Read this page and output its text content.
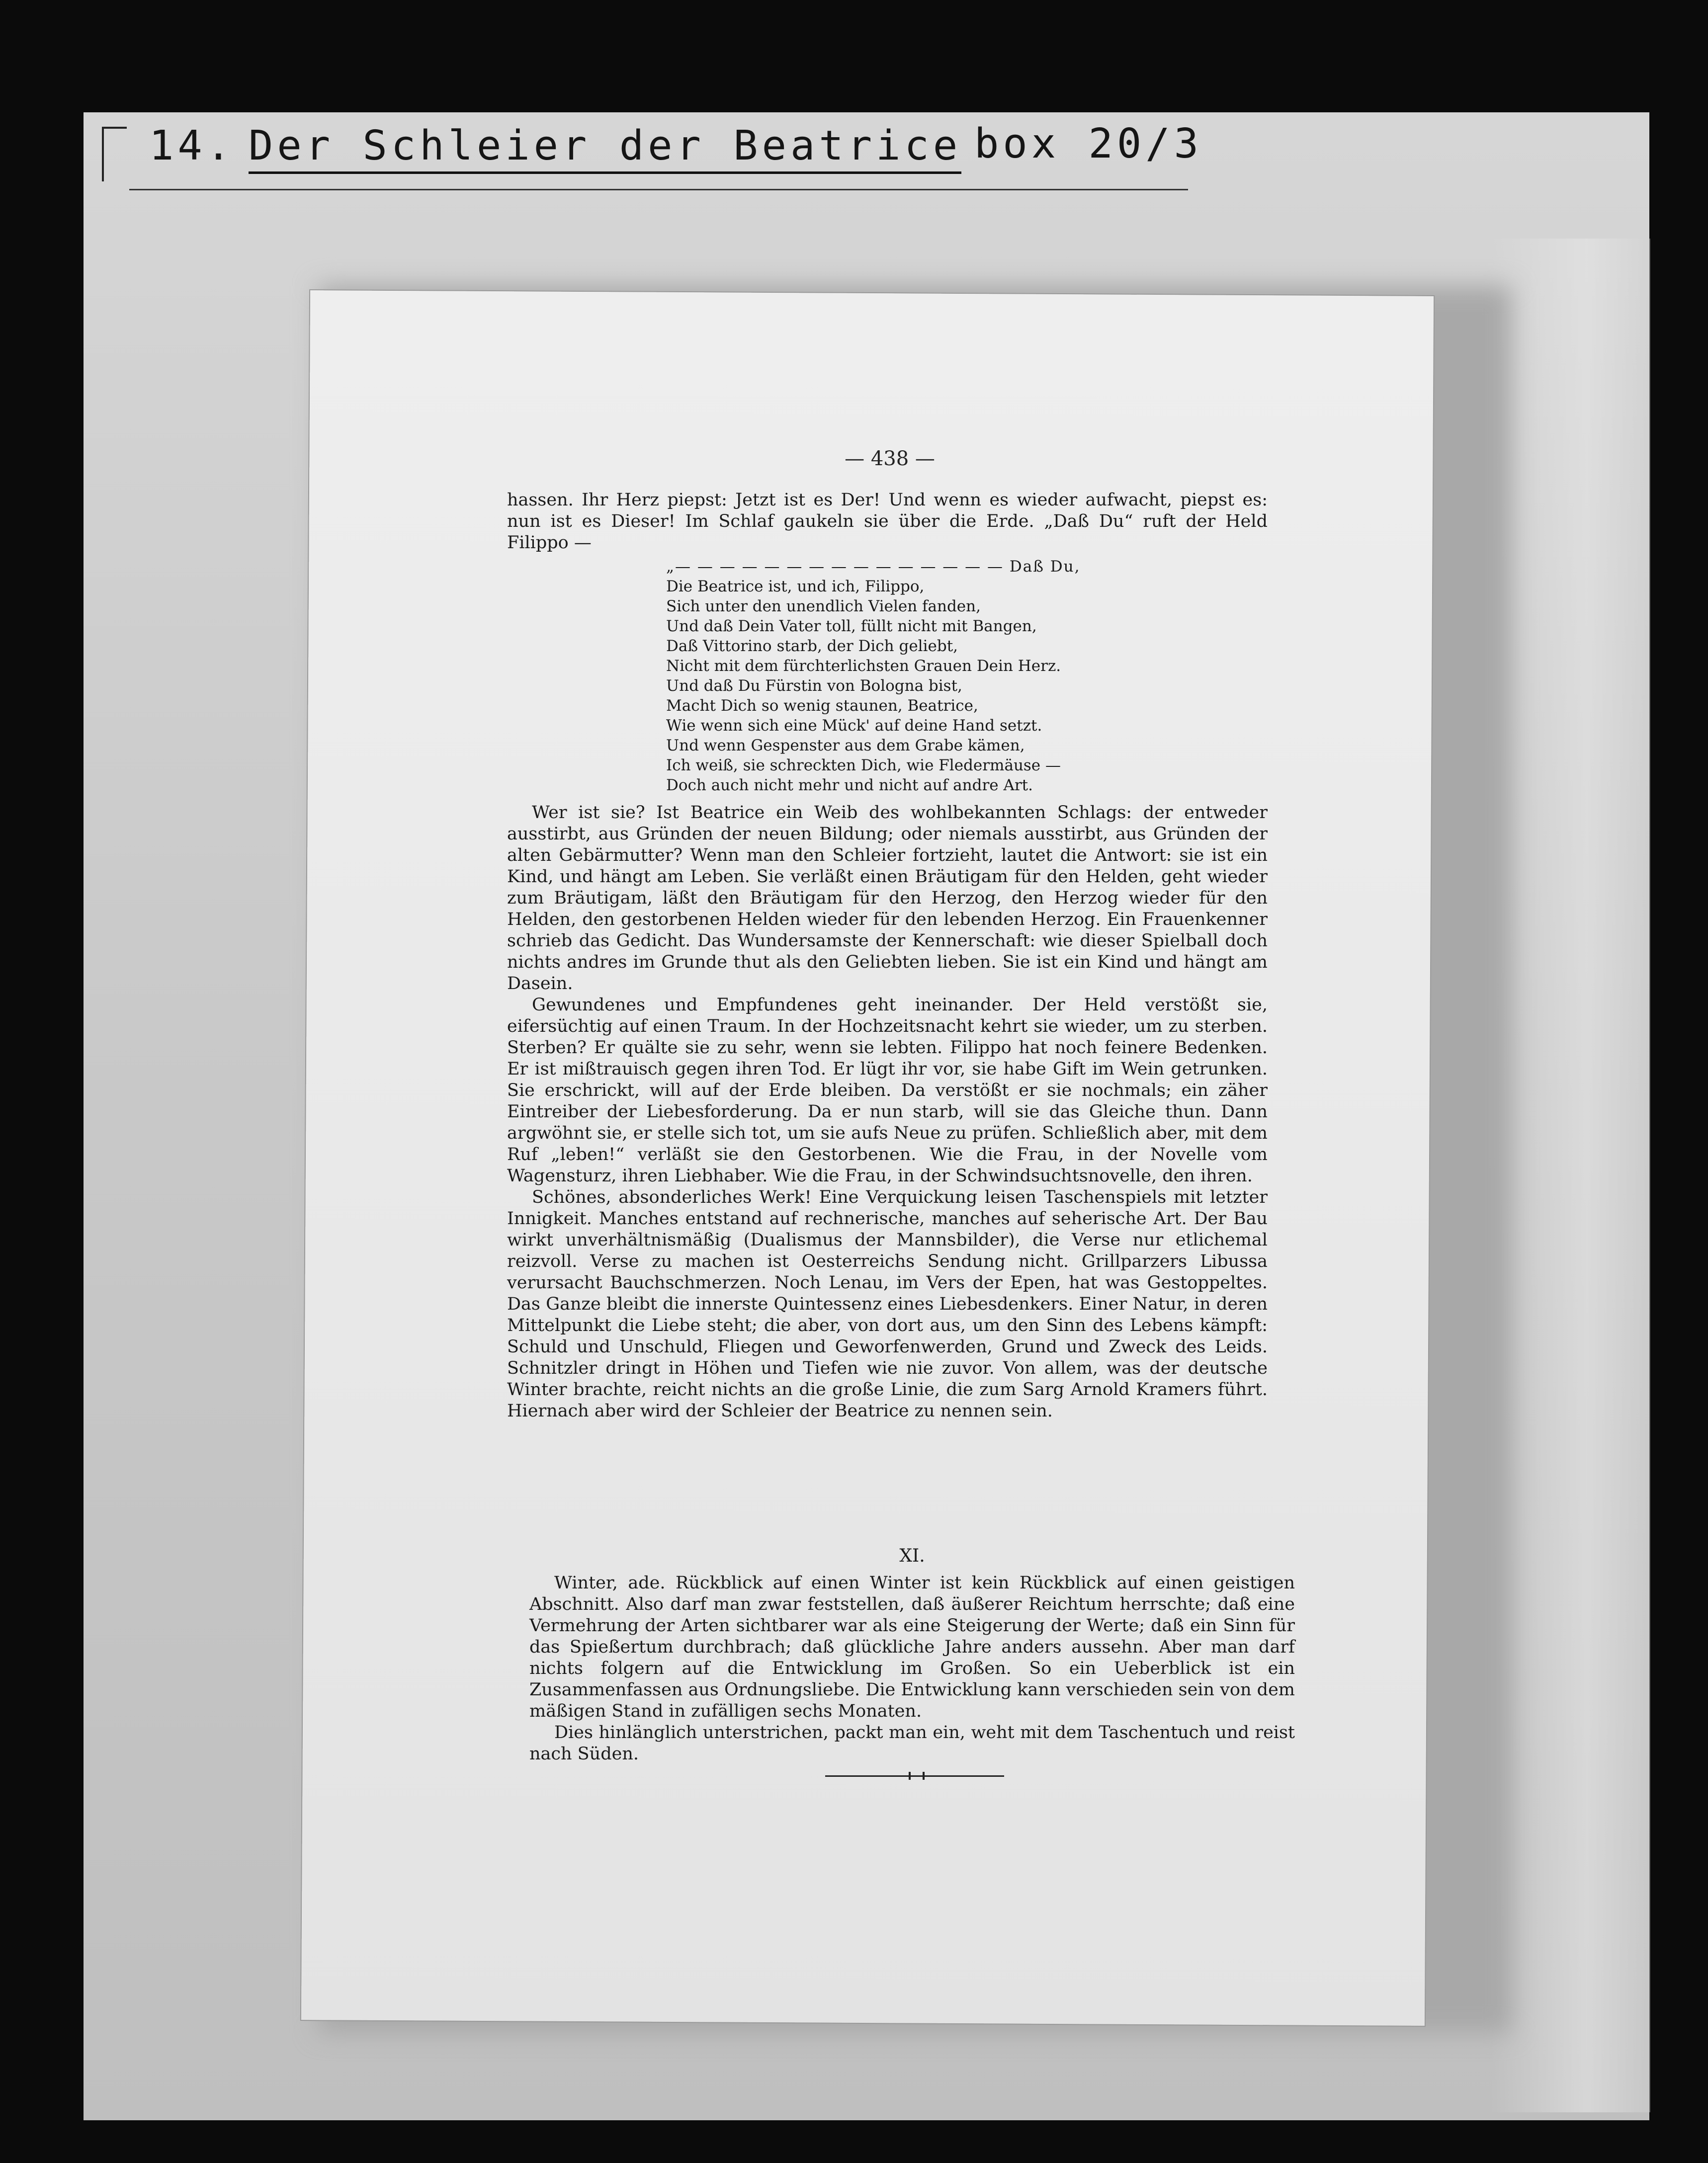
14. Der Schleier der Beatrice box 20/3
— 438 —

hassen. Ihr Herz piepst: Jetzt ist es Der! Und wenn es wieder aufwacht, piepst es: nun ist es Dieser! Im Schlaf gaukeln sie über die Erde. „Daß Du“ ruft der Held Filippo —

„— — — — — — — — — — — — — — — Daß Du,
Die Beatrice ist, und ich, Filippo,
Sich unter den unendlich Vielen fanden,
Und daß Dein Vater toll, füllt nicht mit Bangen,
Daß Vittorino starb, der Dich geliebt,
Nicht mit dem fürchterlichsten Grauen Dein Herz.
Und daß Du Fürstin von Bologna bist,
Macht Dich so wenig staunen, Beatrice,
Wie wenn sich eine Mück' auf deine Hand setzt.
Und wenn Gespenster aus dem Grabe kämen,
Ich weiß, sie schreckten Dich, wie Fledermäuse —
Doch auch nicht mehr und nicht auf andre Art.

Wer ist sie? Ist Beatrice ein Weib des wohlbekannten Schlags: der entweder ausstirbt, aus Gründen der neuen Bildung; oder niemals ausstirbt, aus Gründen der alten Gebärmutter? Wenn man den Schleier fortzieht, lautet die Antwort: sie ist ein Kind, und hängt am Leben. Sie verläßt einen Bräutigam für den Helden, geht wieder zum Bräutigam, läßt den Bräutigam für den Herzog, den Herzog wieder für den Helden, den gestorbenen Helden wieder für den lebenden Herzog. Ein Frauenkenner schrieb das Gedicht. Das Wundersamste der Kennerschaft: wie dieser Spielball doch nichts andres im Grunde thut als den Geliebten lieben. Sie ist ein Kind und hängt am Dasein.

Gewundenes und Empfundenes geht ineinander. Der Held verstößt sie, eifersüchtig auf einen Traum. In der Hochzeitsnacht kehrt sie wieder, um zu sterben. Sterben? Er quälte sie zu sehr, wenn sie lebten. Filippo hat noch feinere Bedenken. Er ist mißtrauisch gegen ihren Tod. Er lügt ihr vor, sie habe Gift im Wein getrunken. Sie erschrickt, will auf der Erde bleiben. Da verstößt er sie nochmals; ein zäher Eintreiber der Liebesforderung. Da er nun starb, will sie das Gleiche thun. Dann argwöhnt sie, er stelle sich tot, um sie aufs Neue zu prüfen. Schließlich aber, mit dem Ruf „leben!“ verläßt sie den Gestorbenen. Wie die Frau, in der Novelle vom Wagensturz, ihren Liebhaber. Wie die Frau, in der Schwindsuchtsnovelle, den ihren.

Schönes, absonderliches Werk! Eine Verquickung leisen Taschenspiels mit letzter Innigkeit. Manches entstand auf rechnerische, manches auf seherische Art. Der Bau wirkt unverhältnismäßig (Dualismus der Mannsbilder), die Verse nur etlichemal reizvoll. Verse zu machen ist Oesterreichs Sendung nicht. Grillparzers Libussa verursacht Bauchschmerzen. Noch Lenau, im Vers der Epen, hat was Gestoppeltes. Das Ganze bleibt die innerste Quintessenz eines Liebesdenkers. Einer Natur, in deren Mittelpunkt die Liebe steht; die aber, von dort aus, um den Sinn des Lebens kämpft: Schuld und Unschuld, Fliegen und Geworfenwerden, Grund und Zweck des Leids. Schnitzler dringt in Höhen und Tiefen wie nie zuvor. Von allem, was der deutsche Winter brachte, reicht nichts an die große Linie, die zum Sarg Arnold Kramers führt. Hiernach aber wird der Schleier der Beatrice zu nennen sein.

XI.

Winter, ade. Rückblick auf einen Winter ist kein Rückblick auf einen geistigen Abschnitt. Also darf man zwar feststellen, daß äußerer Reichtum herrschte; daß eine Vermehrung der Arten sichtbarer war als eine Steigerung der Werte; daß ein Sinn für das Spießertum durchbrach; daß glückliche Jahre anders aussehn. Aber man darf nichts folgern auf die Entwicklung im Großen. So ein Ueberblick ist ein Zusammenfassen aus Ordnungsliebe. Die Entwicklung kann verschieden sein von dem mäßigen Stand in zufälligen sechs Monaten.

Dies hinlänglich unterstrichen, packt man ein, weht mit dem Taschentuch und reist nach Süden.
